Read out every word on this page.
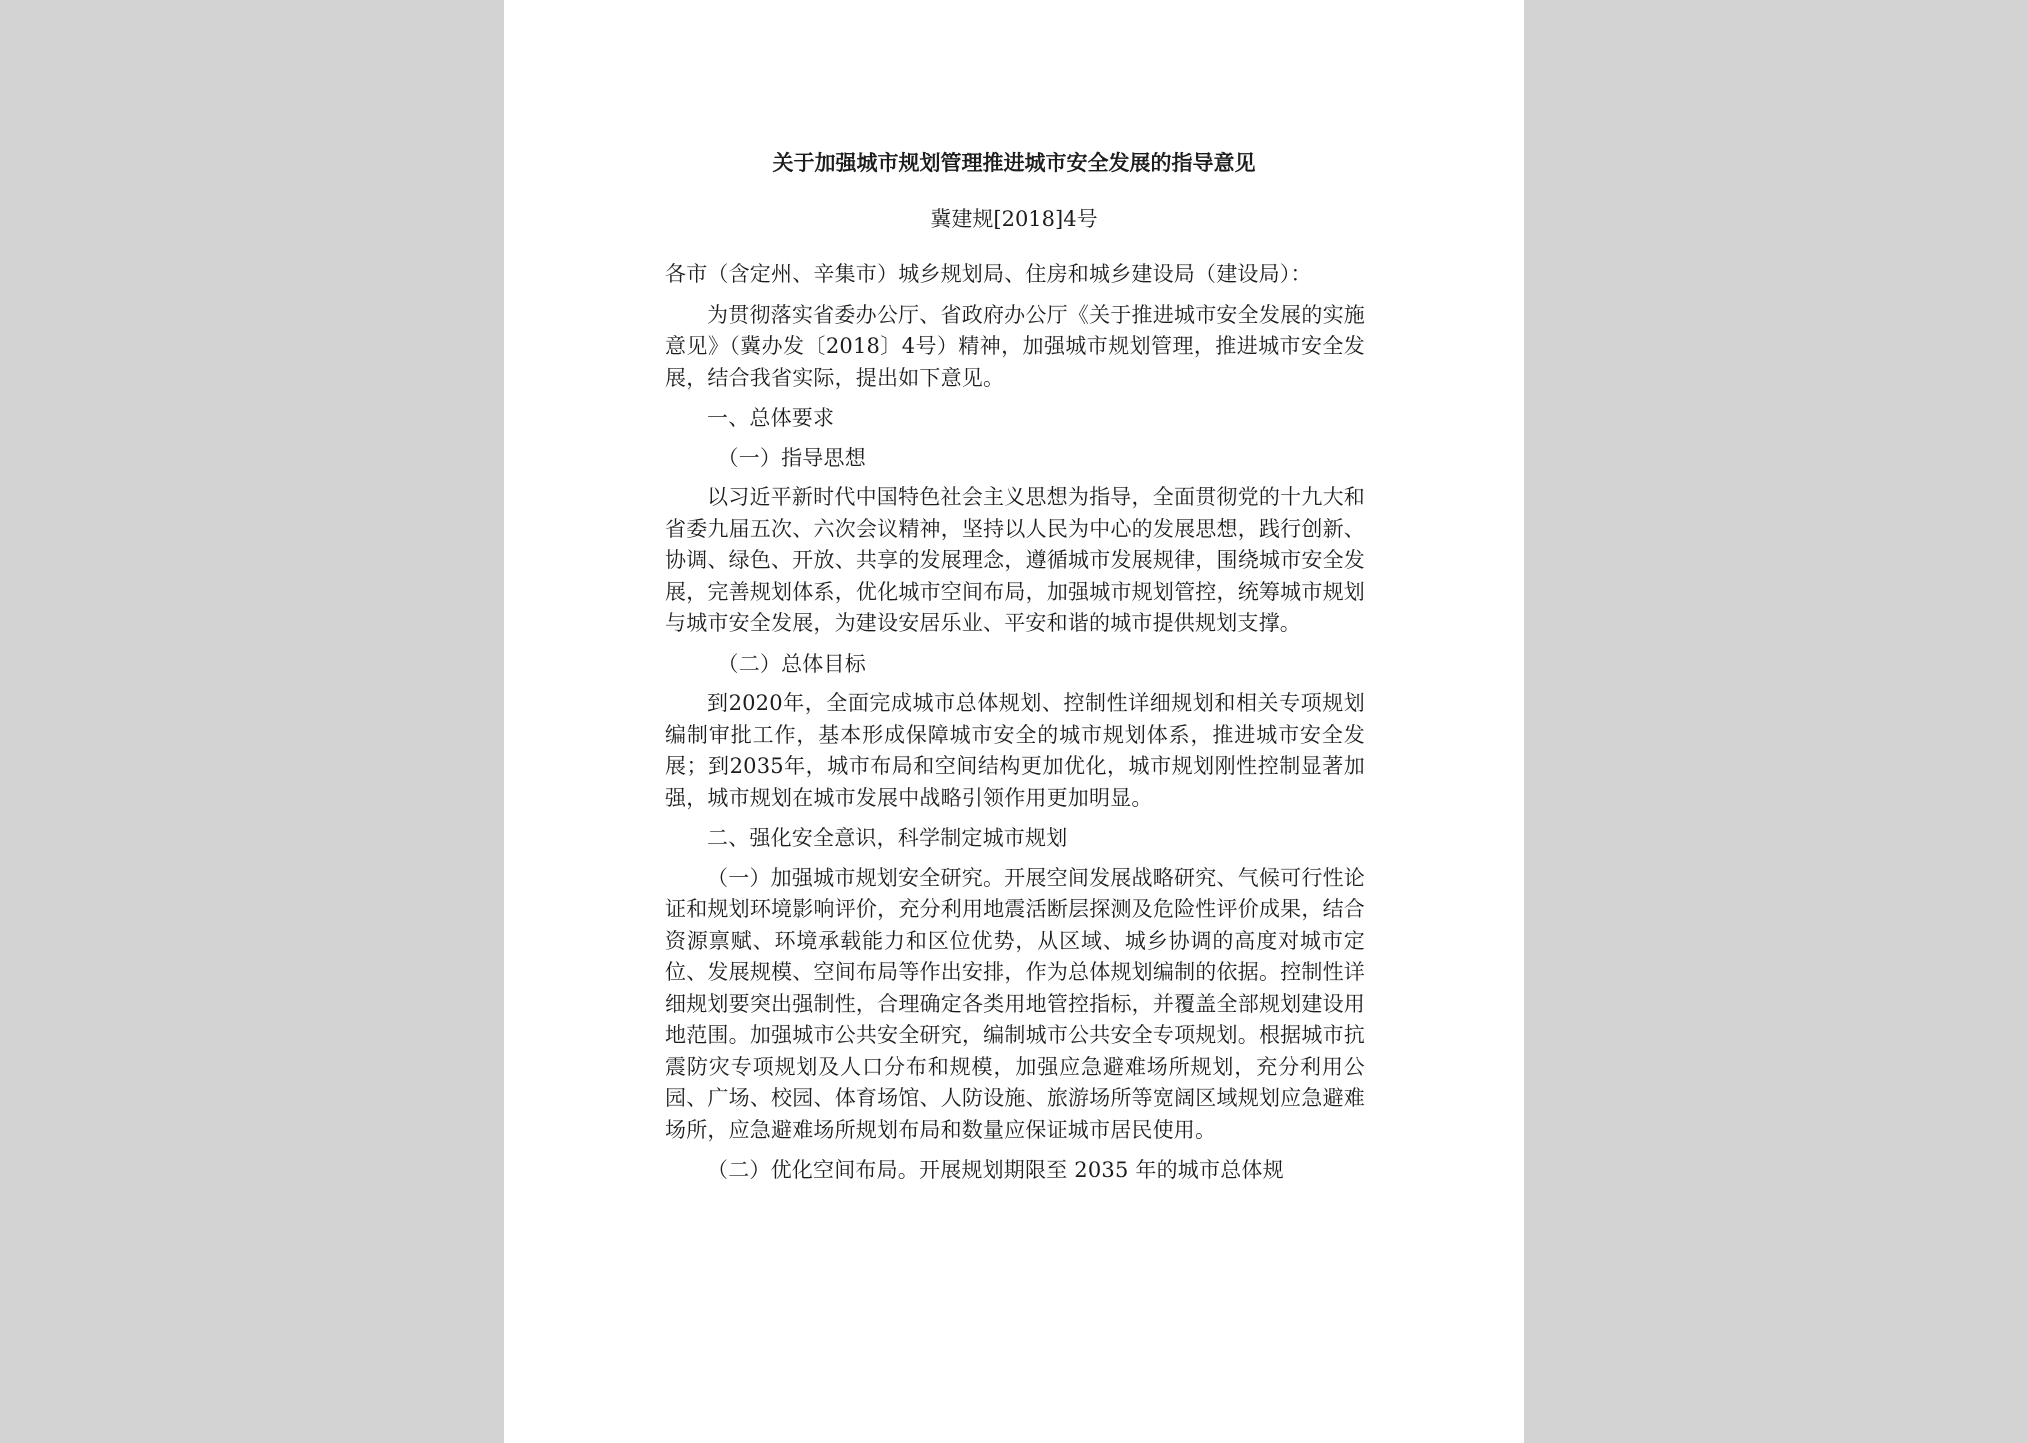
关于加强城市规划管理推进城市安全发展的指导意见
冀建规[2018]4号

各市（含定州、辛集市）城乡规划局、住房和城乡建设局（建设局）：

为贯彻落实省委办公厅、省政府办公厅《关于推进城市安全发展的实施意见》（冀办发〔2018〕4号）精神，加强城市规划管理，推进城市安全发展，结合我省实际，提出如下意见。

一、总体要求

（一）指导思想

以习近平新时代中国特色社会主义思想为指导，全面贯彻党的十九大和省委九届五次、六次会议精神，坚持以人民为中心的发展思想，践行创新、协调、绿色、开放、共享的发展理念，遵循城市发展规律，围绕城市安全发展，完善规划体系，优化城市空间布局，加强城市规划管控，统筹城市规划与城市安全发展，为建设安居乐业、平安和谐的城市提供规划支撑。

（二）总体目标

到2020年，全面完成城市总体规划、控制性详细规划和相关专项规划编制审批工作，基本形成保障城市安全的城市规划体系，推进城市安全发展；到2035年，城市布局和空间结构更加优化，城市规划刚性控制显著加强，城市规划在城市发展中战略引领作用更加明显。

二、强化安全意识，科学制定城市规划

（一）加强城市规划安全研究。开展空间发展战略研究、气候可行性论证和规划环境影响评价，充分利用地震活断层探测及危险性评价成果，结合资源禀赋、环境承载能力和区位优势，从区域、城乡协调的高度对城市定位、发展规模、空间布局等作出安排，作为总体规划编制的依据。控制性详细规划要突出强制性，合理确定各类用地管控指标，并覆盖全部规划建设用地范围。加强城市公共安全研究，编制城市公共安全专项规划。根据城市抗震防灾专项规划及人口分布和规模，加强应急避难场所规划，充分利用公园、广场、校园、体育场馆、人防设施、旅游场所等宽阔区域规划应急避难场所，应急避难场所规划布局和数量应保证城市居民使用。

（二）优化空间布局。开展规划期限至 2035 年的城市总体规
